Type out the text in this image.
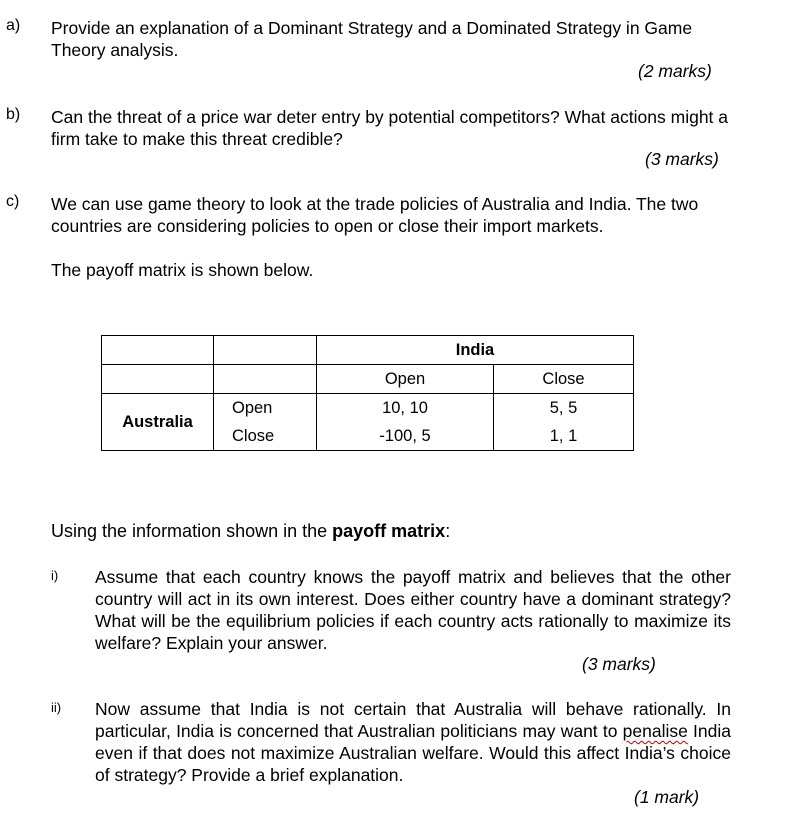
a) Provide an explanation of a Dominant Strategy and a Dominated Strategy in Game Theory analysis.
(2 marks)
b) Can the threat of a price war deter entry by potential competitors? What actions might a firm take to make this threat credible?
(3 marks)
c) We can use game theory to look at the trade policies of Australia and India. The two countries are considering policies to open or close their import markets.
The payoff matrix is shown below.
		India	
		Open	Close
Australia	Open	10, 10	5, 5
	Close	-100, 5	1, 1
Using the information shown in the payoff matrix:
i) Assume that each country knows the payoff matrix and believes that the other country will act in its own interest. Does either country have a dominant strategy? What will be the equilibrium policies if each country acts rationally to maximize its welfare? Explain your answer.
(3 marks)
ii) Now assume that India is not certain that Australia will behave rationally. In particular, India is concerned that Australian politicians may want to penalise India even if that does not maximize Australian welfare. Would this affect India’s choice of strategy? Provide a brief explanation.
(1 mark)
